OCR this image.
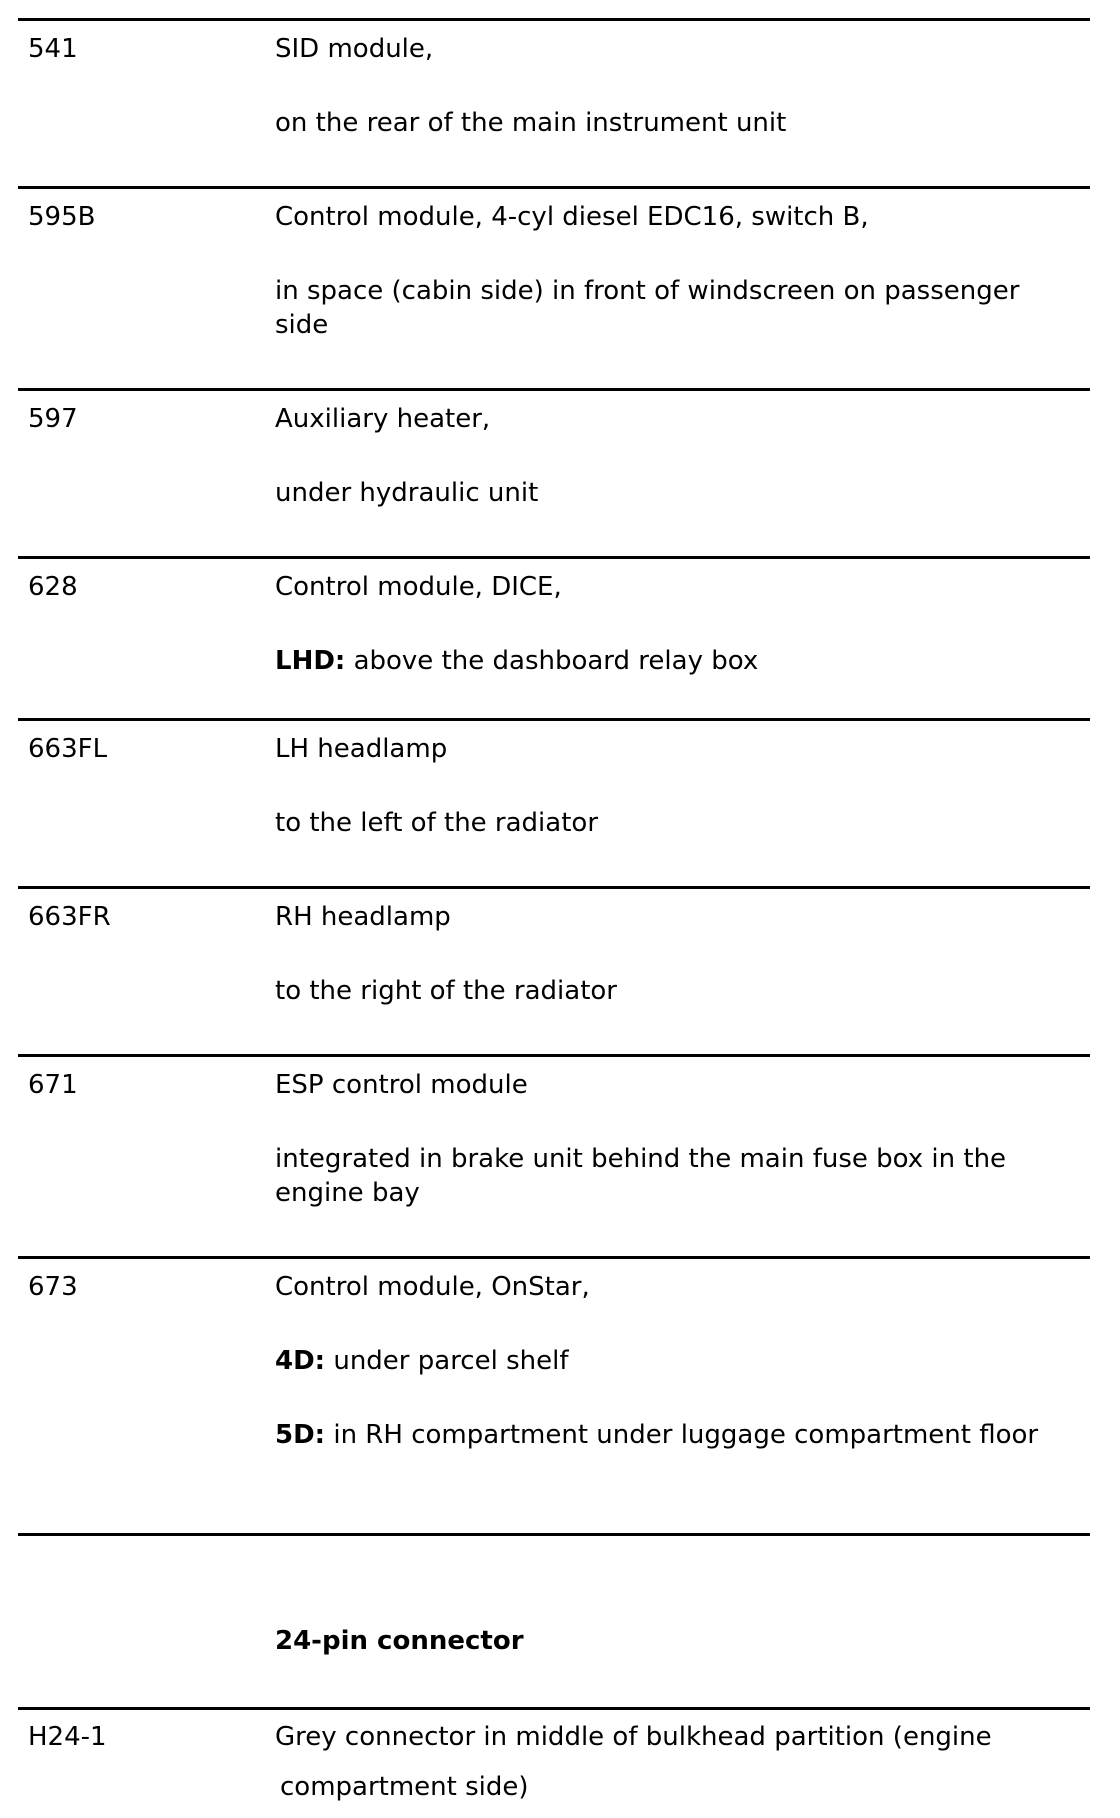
541	SID module,
on the rear of the main instrument unit
595B	Control module, 4-cyl diesel EDC16, switch B,
in space (cabin side) in front of windscreen on passenger side
597	Auxiliary heater,
under hydraulic unit
628	Control module, DICE,
LHD: above the dashboard relay box
663FL	LH headlamp
to the left of the radiator
663FR	RH headlamp
to the right of the radiator
671	ESP control module
integrated in brake unit behind the main fuse box in the engine bay
673	Control module, OnStar,
4D: under parcel shelf
5D: in RH compartment under luggage compartment floor
24-pin connector
H24-1	Grey connector in middle of bulkhead partition (engine
compartment side)
